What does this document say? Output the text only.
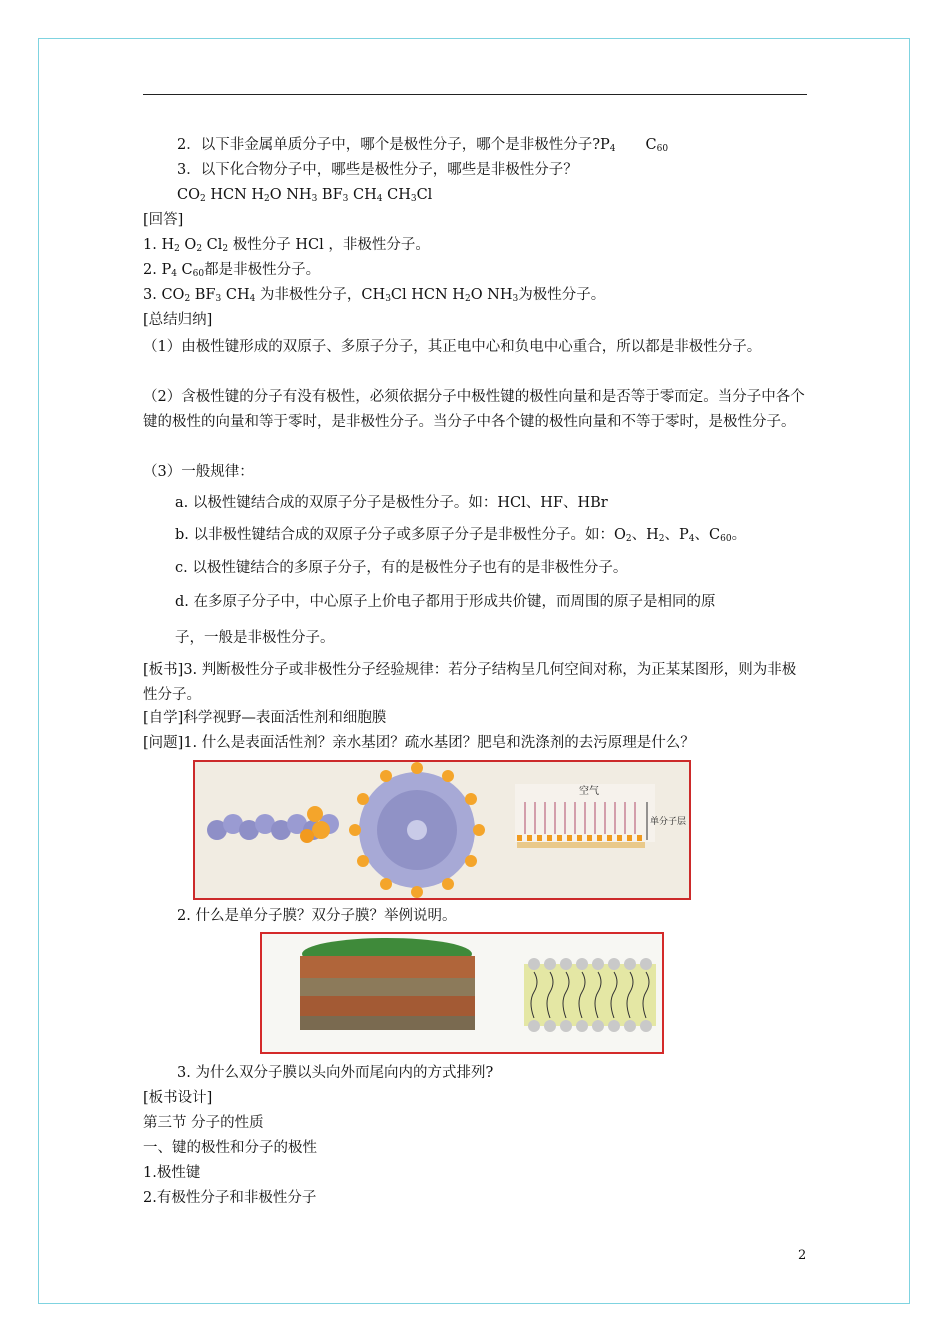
2．以下非金属单质分子中，哪个是极性分子，哪个是非极性分子$?P_4$ $C_{60}$
3．以下化合物分子中，哪些是极性分子，哪些是非极性分子？
$CO_2$ HCN $H_2O$ $NH_3$ $BF_3$ $CH_4$ $CH_3Cl$
[回答]
1. $H_2$ $O_2$ $Cl_2$ 极性分子 HCl ，非极性分子。
2. $P_4$ $C_{60}$都是非极性分子。
3. $CO_2$ $BF_3$ $CH_4$ 为非极性分子，$CH_3Cl$ HCN $H_2O$ $NH_3$为极性分子。
[总结归纳]
（1）由极性键形成的双原子、多原子分子，其正电中心和负电中心重合，所以都是非极性分子。
（2）含极性键的分子有没有极性，必须依据分子中极性键的极性向量和是否等于零而定。当分子中各个键的极性的向量和等于零时，是非极性分子。当分子中各个键的极性向量和不等于零时，是极性分子。
（3）一般规律：
a. 以极性键结合成的双原子分子是极性分子。如：HCl、HF、HBr
b. 以非极性键结合成的双原子分子或多原子分子是非极性分子。如：$O_2$、$H_2$、$P_4$、$C_{60}$。
c. 以极性键结合的多原子分子，有的是极性分子也有的是非极性分子。
d. 在多原子分子中，中心原子上价电子都用于形成共价键，而周围的原子是相同的原
子，一般是非极性分子。
[板书]3. 判断极性分子或非极性分子经验规律：若分子结构呈几何空间对称，为正某某图形，则为非极性分子。
[自学]科学视野—表面活性剂和细胞膜
[问题]1. 什么是表面活性剂？亲水基团？疏水基团？肥皂和洗涤剂的去污原理是什么？
空气
单分子层
2. 什么是单分子膜？双分子膜？举例说明。
3. 为什么双分子膜以头向外而尾向内的方式排列?
[板书设计]
第三节 分子的性质
一、键的极性和分子的极性
1.极性键
2.有极性分子和非极性分子
2
